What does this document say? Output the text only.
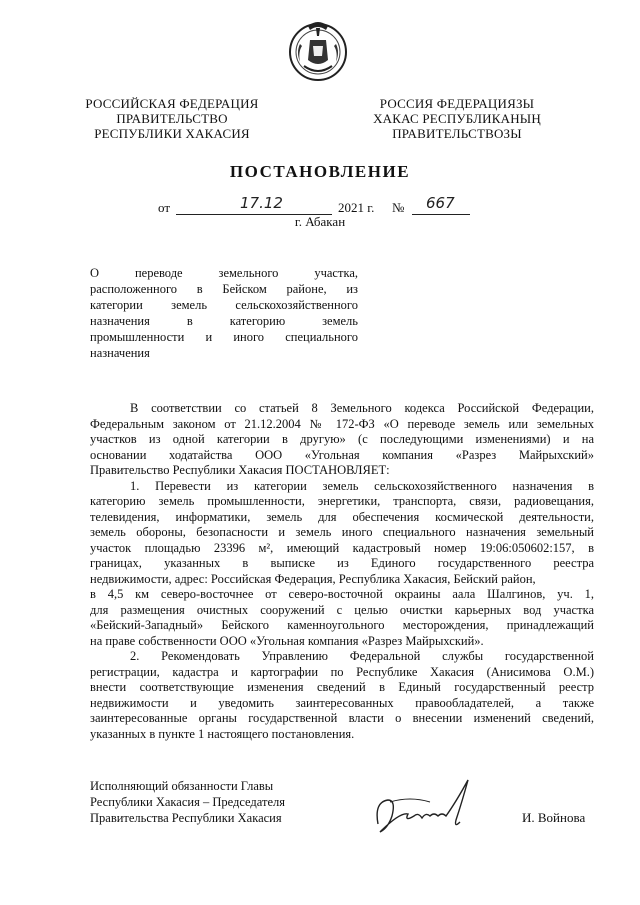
РОССИЙСКАЯ ФЕДЕРАЦИЯ
ПРАВИТЕЛЬСТВО
РЕСПУБЛИКИ ХАКАСИЯ
РОССИЯ ФЕДЕРАЦИЯЗЫ
ХАКАС РЕСПУБЛИКАНЫҢ
ПРАВИТЕЛЬСТВОЗЫ
ПОСТАНОВЛЕНИЕ
от	17.12	2021 г. № 667
г. Абакан
О переводе земельного участка,
расположенного в Бейском районе, из
категории земель сельскохозяйственного
назначения в категорию земель
промышленности и иного специального
назначения
В соответствии со статьей 8 Земельного кодекса Российской Федерации,
Федеральным законом от 21.12.2004 № 172-ФЗ «О переводе земель или земельных
участков из одной категории в другую» (с последующими изменениями) и на
основании ходатайства ООО «Угольная компания «Разрез Майрыхский»
Правительство Республики Хакасия ПОСТАНОВЛЯЕТ:
1. Перевести из категории земель сельскохозяйственного назначения в
категорию земель промышленности, энергетики, транспорта, связи, радиовещания,
телевидения, информатики, земель для обеспечения космической деятельности,
земель обороны, безопасности и земель иного специального назначения земельный
участок площадью 23396 м², имеющий кадастровый номер 19:06:050602:157, в
границах, указанных в выписке из Единого государственного реестра
недвижимости, адрес: Российская Федерация, Республика Хакасия, Бейский район,
в 4,5 км северо-восточнее от северо-восточной окраины аала Шалгинов, уч. 1,
для размещения очистных сооружений с целью очистки карьерных вод участка
«Бейский-Западный» Бейского каменноугольного месторождения, принадлежащий
на праве собственности ООО «Угольная компания «Разрез Майрыхский».
2. Рекомендовать Управлению Федеральной службы государственной
регистрации, кадастра и картографии по Республике Хакасия (Анисимова О.М.)
внести соответствующие изменения сведений в Единый государственный реестр
недвижимости и уведомить заинтересованных правообладателей, а также
заинтересованные органы государственной власти о внесении изменений сведений,
указанных в пункте 1 настоящего постановления.
Исполняющий обязанности Главы
Республики Хакасия – Председателя
Правительства Республики Хакасия	И. Войнова
